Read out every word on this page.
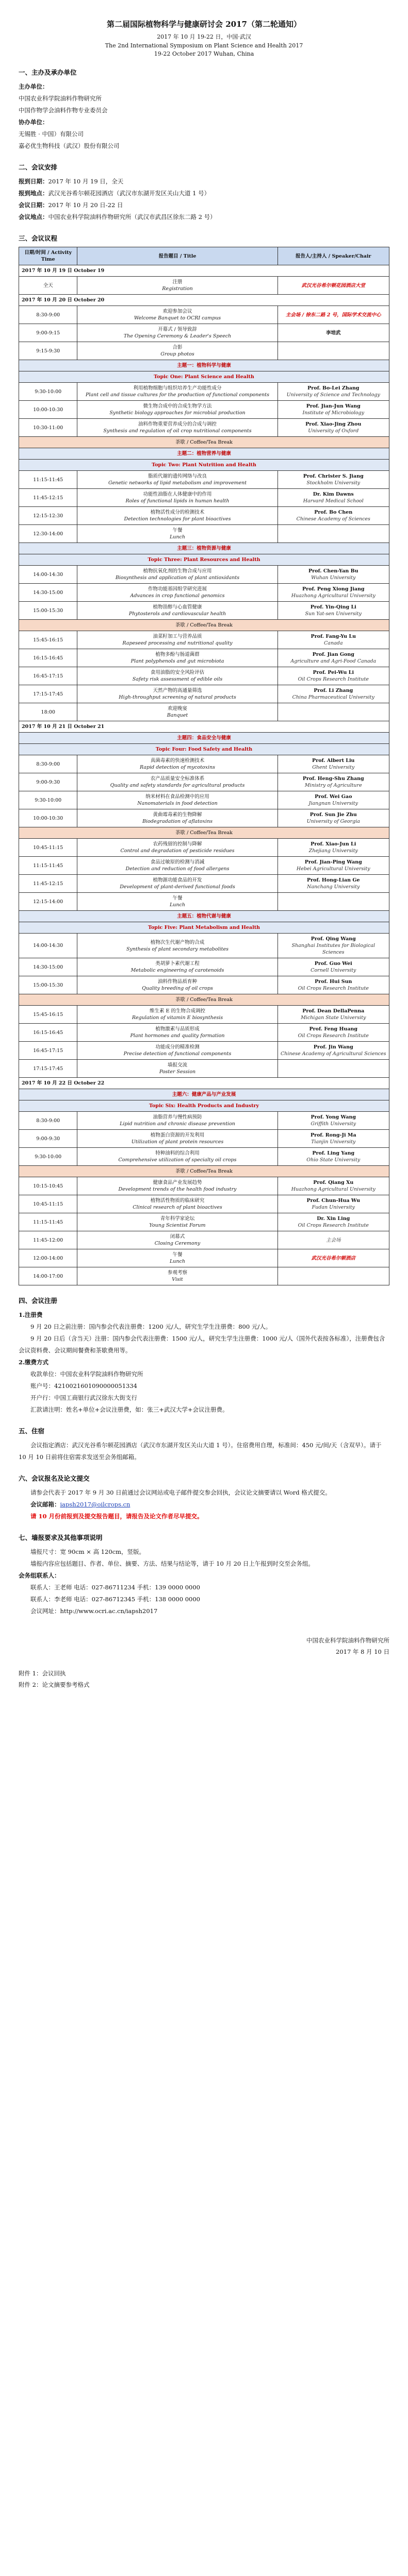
第二届国际植物科学与健康研讨会 2017（第二轮通知）

2017 年 10 月 19-22 日，中国·武汉

The 2nd International Symposium on Plant Science and Health 2017

19-22 October 2017 Wuhan, China

一、主办及承办单位

主办单位：

中国农业科学院油料作物研究所

中国作物学会油料作物专业委员会

协办单位：

无锡胜 · 中国）有限公司

嘉必优生物科技（武汉）股份有限公司

二、会议安排

报到日期：2017 年 10 月 19 日，全天

报到地点：武汉光谷希尔顿花园酒店（武汉市东湖开发区关山大道 1 号）

会议日期：2017 年 10 月 20 日-22 日

会议地点：中国农业科学院油料作物研究所（武汉市武昌区徐东二路 2 号）

三、会议议程
日期/时间 / Activity Time	报告题目 / Title	报告人/主持人 / Speaker/Chair
2017 年 10 月 19 日 October 19		
全天	注册
Registration	武汉光谷希尔顿花园酒店大堂

2017 年 10 月 20 日 October 20		
8:30-9:00	欢迎参加会议
Welcome Banquet to OCRI campus	主会场 / 徐东二路 2 号，国际学术交流中心

9:00-9:15	开幕式 / 领导致辞
The Opening Ceremony & Leader's Speech	李培武

9:15-9:30	合影
Group photos	

主题一：植物科学与健康		
Topic One: Plant Science and Health		
9:30-10:00	利用植物细胞与组织培养生产功能性成分
Plant cell and tissue cultures for the production of functional components	Prof. Bo-Lei Zhang
University of Science and Technology

10:00-10:30	微生物合成中的合成生物学方法
Synthetic biology approaches for microbial production	Prof. Jian-Jun Wang
Institute of Microbiology

10:30-11:00	油料作物重要营养成分的合成与调控
Synthesis and regulation of oil crop nutritional components	Prof. Xiao-Jing Zhou
University of Oxford

茶歇 / Coffee/Tea Break		
主题二：植物营养与健康		
Topic Two: Plant Nutrition and Health		
11:15-11:45	脂质代谢的遗传网络与改良
Genetic networks of lipid metabolism and improvement	Prof. Christer S. Jiang
Stockholm University

11:45-12:15	功能性油脂在人体健康中的作用
Roles of functional lipids in human health	Dr. Kim Dawns
Harvard Medical School

12:15-12:30	植物活性成分的检测技术
Detection technologies for plant bioactives	Prof. Bo Chen
Chinese Academy of Sciences

12:30-14:00	午餐
Lunch	

主题三：植物资源与健康		
Topic Three: Plant Resources and Health		
14:00-14:30	植物抗氧化剂的生物合成与应用
Biosynthesis and application of plant antioxidants	Prof. Chen-Yan Bu
Wuhan University

14:30-15:00	作物功能基因组学研究进展
Advances in crop functional genomics	Prof. Peng Xiong Jiang
Huazhong Agricultural University

15:00-15:30	植物甾醇与心血管健康
Phytosterols and cardiovascular health	Prof. Yin-Qing Li
Sun Yat-sen University

茶歇 / Coffee/Tea Break		
15:45-16:15	油菜籽加工与营养品质
Rapeseed processing and nutritional quality	Prof. Fang-Yu Lu
Canada

16:15-16:45	植物多酚与肠道菌群
Plant polyphenols and gut microbiota	Prof. Jian Gong
Agriculture and Agri-Food Canada

16:45-17:15	食用油脂的安全风险评估
Safety risk assessment of edible oils	Prof. Pei-Wu Li
Oil Crops Research Institute

17:15-17:45	天然产物的高通量筛选
High-throughput screening of natural products	Prof. Li Zhang
China Pharmaceutical University

18:00	欢迎晚宴
Banquet	

2017 年 10 月 21 日 October 21		
主题四：食品安全与健康		
Topic Four: Food Safety and Health		
8:30-9:00	真菌毒素的快速检测技术
Rapid detection of mycotoxins	Prof. Albert Liu
Ghent University

9:00-9:30	农产品质量安全标准体系
Quality and safety standards for agricultural products	Prof. Heng-Shu Zhang
Ministry of Agriculture

9:30-10:00	纳米材料在食品检测中的应用
Nanomaterials in food detection	Prof. Wei Gao
Jiangnan University

10:00-10:30	黄曲霉毒素的生物降解
Biodegradation of aflatoxins	Prof. Sun Jie Zhu
University of Georgia

茶歇 / Coffee/Tea Break		
10:45-11:15	农药残留的控制与降解
Control and degradation of pesticide residues	Prof. Xiao-Jun Li
Zhejiang University

11:15-11:45	食品过敏原的检测与消减
Detection and reduction of food allergens	Prof. Jian-Ping Wang
Hebei Agricultural University

11:45-12:15	植物源功能食品的开发
Development of plant-derived functional foods	Prof. Hong-Lian Ge
Nanchang University

12:15-14:00	午餐
Lunch	

主题五：植物代谢与健康		
Topic Five: Plant Metabolism and Health		
14:00-14:30	植物次生代谢产物的合成
Synthesis of plant secondary metabolites	Prof. Qing Wang
Shanghai Institutes for Biological Sciences

14:30-15:00	类胡萝卜素代谢工程
Metabolic engineering of carotenoids	Prof. Guo Wei
Cornell University

15:00-15:30	油料作物品质育种
Quality breeding of oil crops	Prof. Hui Sun
Oil Crops Research Institute

茶歇 / Coffee/Tea Break		
15:45-16:15	维生素 E 的生物合成调控
Regulation of vitamin E biosynthesis	Prof. Dean DellaPenna
Michigan State University

16:15-16:45	植物激素与品质形成
Plant hormones and quality formation	Prof. Feng Huang
Oil Crops Research Institute

16:45-17:15	功能成分的精准检测
Precise detection of functional components	Prof. Jin Wang
Chinese Academy of Agricultural Sciences

17:15-17:45	墙报交流
Poster Session	

2017 年 10 月 22 日 October 22		
主题六：健康产品与产业发展		
Topic Six: Health Products and Industry		
8:30-9:00	油脂营养与慢性病预防
Lipid nutrition and chronic disease prevention	Prof. Yong Wang
Griffith University

9:00-9:30	植物蛋白资源的开发利用
Utilization of plant protein resources	Prof. Rong-Ji Ma
Tianjin University

9:30-10:00	特种油料的综合利用
Comprehensive utilization of specialty oil crops	Prof. Ling Yang
Ohio State University

茶歇 / Coffee/Tea Break		
10:15-10:45	健康食品产业发展趋势
Development trends of the health food industry	Prof. Qiang Xu
Huazhong Agricultural University

10:45-11:15	植物活性物质的临床研究
Clinical research of plant bioactives	Prof. Chun-Hua Wu
Fudan University

11:15-11:45	青年科学家论坛
Young Scientist Forum	Dr. Xin Ling
Oil Crops Research Institute

11:45-12:00	闭幕式
Closing Ceremony	主会场

12:00-14:00	午餐
Lunch	武汉光谷希尔顿酒店

14:00-17:00	参观考察
Visit	

四、会议注册

1.注册费

9 月 20 日之前注册：国内参会代表注册费：1200 元/人，研究生学生注册费：800 元/人。

9 月 20 日后（含当天）注册：国内参会代表注册费：1500 元/人，研究生学生注册费：1000 元/人（国外代表按各标准），注册费包含会议资料费、会议期间餐费和茶歇费用等。

2.缴费方式

收款单位：中国农业科学院油料作物研究所

账户号：4210021601090000051334

开户行：中国工商银行武汉徐东大街支行

汇款请注明：姓名+单位+会议注册费，如：张三+武汉大学+会议注册费。

五、住宿

会议指定酒店：武汉光谷希尔顿花园酒店（武汉市东湖开发区关山大道 1 号）。住宿费用自理，标准间：450 元/间/天（含双早）。请于 10 月 10 日前将住宿需求发送至会务组邮箱。

六、会议报名及论文提交

请参会代表于 2017 年 9 月 30 日前通过会议网站或电子邮件提交参会回执，会议论文摘要请以 Word 格式提交。

会议邮箱：iapsh2017@oilcrops.cn

请 10 月份前报到及提交报告题目，请报告及论文作者尽早提交。

七、墙报要求及其他事项说明

墙报尺寸：宽 90cm × 高 120cm，竖版。

墙报内容应包括题目、作者、单位、摘要、方法、结果与结论等，请于 10 月 20 日上午报到时交至会务组。

会务组联系人：

联系人：王老师 电话：027-86711234 手机：139 0000 0000

联系人：李老师 电话：027-86712345 手机：138 0000 0000

会议网址：http://www.ocri.ac.cn/iapsh2017

中国农业科学院油料作物研究所
2017 年 8 月 10 日
附件 1：会议回执
附件 2：论文摘要参考格式
